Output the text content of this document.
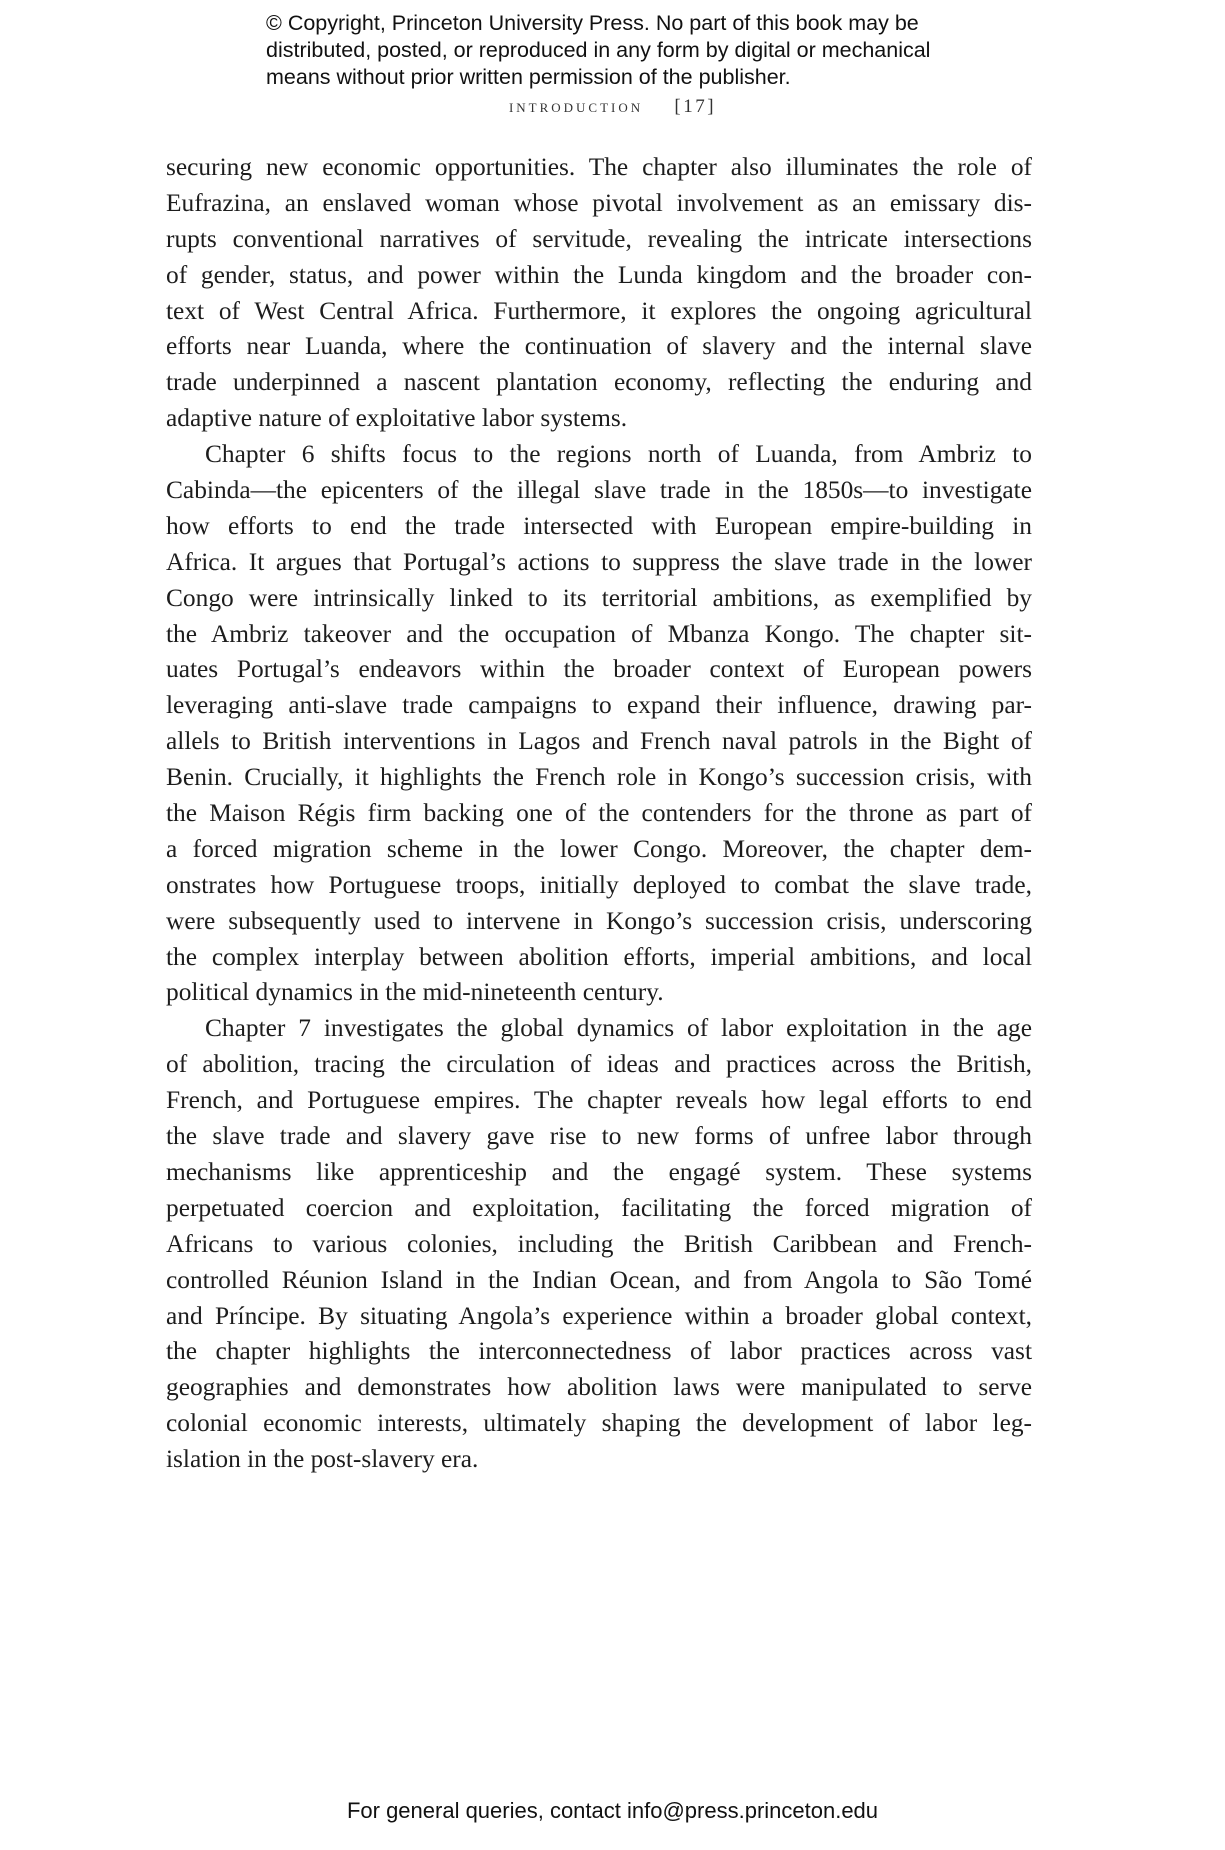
© Copyright, Princeton University Press. No part of this book may be
distributed, posted, or reproduced in any form by digital or mechanical
means without prior written permission of the publisher.
introduction [17]
securing new economic opportunities. The chapter also illuminates the role of
Eufrazina, an enslaved woman whose pivotal involvement as an emissary dis-
rupts conventional narratives of servitude, revealing the intricate intersections
of gender, status, and power within the Lunda kingdom and the broader con-
text of West Central Africa. Furthermore, it explores the ongoing agricultural
efforts near Luanda, where the continuation of slavery and the internal slave
trade underpinned a nascent plantation economy, reflecting the enduring and
adaptive nature of exploitative labor systems.
Chapter 6 shifts focus to the regions north of Luanda, from Ambriz to
Cabinda—the epicenters of the illegal slave trade in the 1850s—to investigate
how efforts to end the trade intersected with European empire-building in
Africa. It argues that Portugal’s actions to suppress the slave trade in the lower
Congo were intrinsically linked to its territorial ambitions, as exemplified by
the Ambriz takeover and the occupation of Mbanza Kongo. The chapter sit-
uates Portugal’s endeavors within the broader context of European powers
leveraging anti-slave trade campaigns to expand their influence, drawing par-
allels to British interventions in Lagos and French naval patrols in the Bight of
Benin. Crucially, it highlights the French role in Kongo’s succession crisis, with
the Maison Régis firm backing one of the contenders for the throne as part of
a forced migration scheme in the lower Congo. Moreover, the chapter dem-
onstrates how Portuguese troops, initially deployed to combat the slave trade,
were subsequently used to intervene in Kongo’s succession crisis, underscoring
the complex interplay between abolition efforts, imperial ambitions, and local
political dynamics in the mid-nineteenth century.
Chapter 7 investigates the global dynamics of labor exploitation in the age
of abolition, tracing the circulation of ideas and practices across the British,
French, and Portuguese empires. The chapter reveals how legal efforts to end
the slave trade and slavery gave rise to new forms of unfree labor through
mechanisms like apprenticeship and the engagé system. These systems
perpetuated coercion and exploitation, facilitating the forced migration of
Africans to various colonies, including the British Caribbean and French-
controlled Réunion Island in the Indian Ocean, and from Angola to São Tomé
and Príncipe. By situating Angola’s experience within a broader global context,
the chapter highlights the interconnectedness of labor practices across vast
geographies and demonstrates how abolition laws were manipulated to serve
colonial economic interests, ultimately shaping the development of labor leg-
islation in the post-slavery era.
For general queries, contact info@press.princeton.edu
